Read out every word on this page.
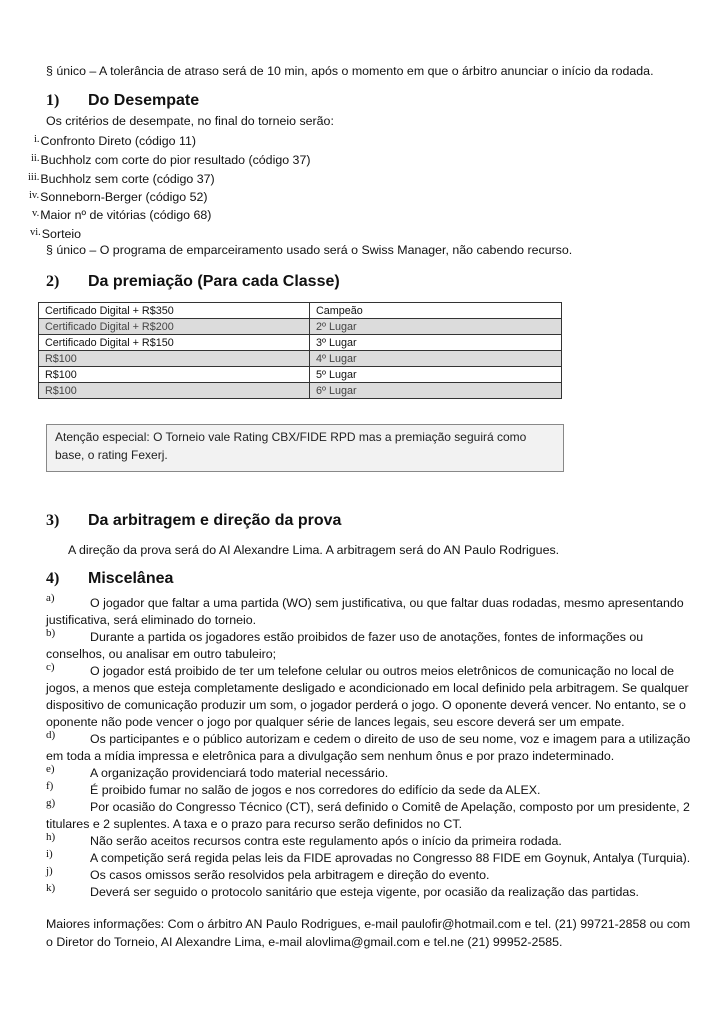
§ único – A tolerância de atraso será de 10 min, após o momento em que o árbitro anunciar o início da rodada.
1) Do Desempate
Os critérios de desempate, no final do torneio serão:
$^{i.}$Confronto Direto (código 11)
$^{ii.}$Buchholz com corte do pior resultado (código 37)
$^{iii.}$Buchholz sem corte (código 37)
$^{iv.}$Sonneborn-Berger (código 52)
$^{v.}$Maior nº de vitórias (código 68)
$^{vi.}$Sorteio
§ único – O programa de emparceiramento usado será o Swiss Manager, não cabendo recurso.
2) Da premiação (Para cada Classe)
Certificado Digital + R$350	Campeão
Certificado Digital + R$200	2º Lugar
Certificado Digital + R$150	3º Lugar
R$100	4º Lugar
R$100	5º Lugar
R$100	6º Lugar
Atenção especial: O Torneio vale Rating CBX/FIDE RPD mas a premiação seguirá como base, o rating Fexerj.
3) Da arbitragem e direção da prova
A direção da prova será do AI Alexandre Lima. A arbitragem será do AN Paulo Rodrigues.
4) Miscelânea
a)	O jogador que faltar a uma partida (WO) sem justificativa, ou que faltar duas rodadas, mesmo apresentando
justificativa, será eliminado do torneio.
b)	Durante a partida os jogadores estão proibidos de fazer uso de anotações, fontes de informações ou
conselhos, ou analisar em outro tabuleiro;
c)	O jogador está proibido de ter um telefone celular ou outros meios eletrônicos de comunicação no local de
jogos, a menos que esteja completamente desligado e acondicionado em local definido pela arbitragem. Se qualquer
dispositivo de comunicação produzir um som, o jogador perderá o jogo. O oponente deverá vencer. No entanto, se o
oponente não pode vencer o jogo por qualquer série de lances legais, seu escore deverá ser um empate.
d)	Os participantes e o público autorizam e cedem o direito de uso de seu nome, voz e imagem para a utilização
em toda a mídia impressa e eletrônica para a divulgação sem nenhum ônus e por prazo indeterminado.
e)	A organização providenciará todo material necessário.
f)	É proibido fumar no salão de jogos e nos corredores do edifício da sede da ALEX.
g)	Por ocasião do Congresso Técnico (CT), será definido o Comitê de Apelação, composto por um presidente, 2
titulares e 2 suplentes. A taxa e o prazo para recurso serão definidos no CT.
h)	Não serão aceitos recursos contra este regulamento após o início da primeira rodada.
i)	A competição será regida pelas leis da FIDE aprovadas no Congresso 88 FIDE em Goynuk, Antalya (Turquia).
j)	Os casos omissos serão resolvidos pela arbitragem e direção do evento.
k)	Deverá ser seguido o protocolo sanitário que esteja vigente, por ocasião da realização das partidas.
Maiores informações: Com o árbitro AN Paulo Rodrigues, e-mail paulofir@hotmail.com e tel. (21) 99721-2858 ou com
o Diretor do Torneio, AI Alexandre Lima, e-mail alovlima@gmail.com e tel.ne (21) 99952-2585.
